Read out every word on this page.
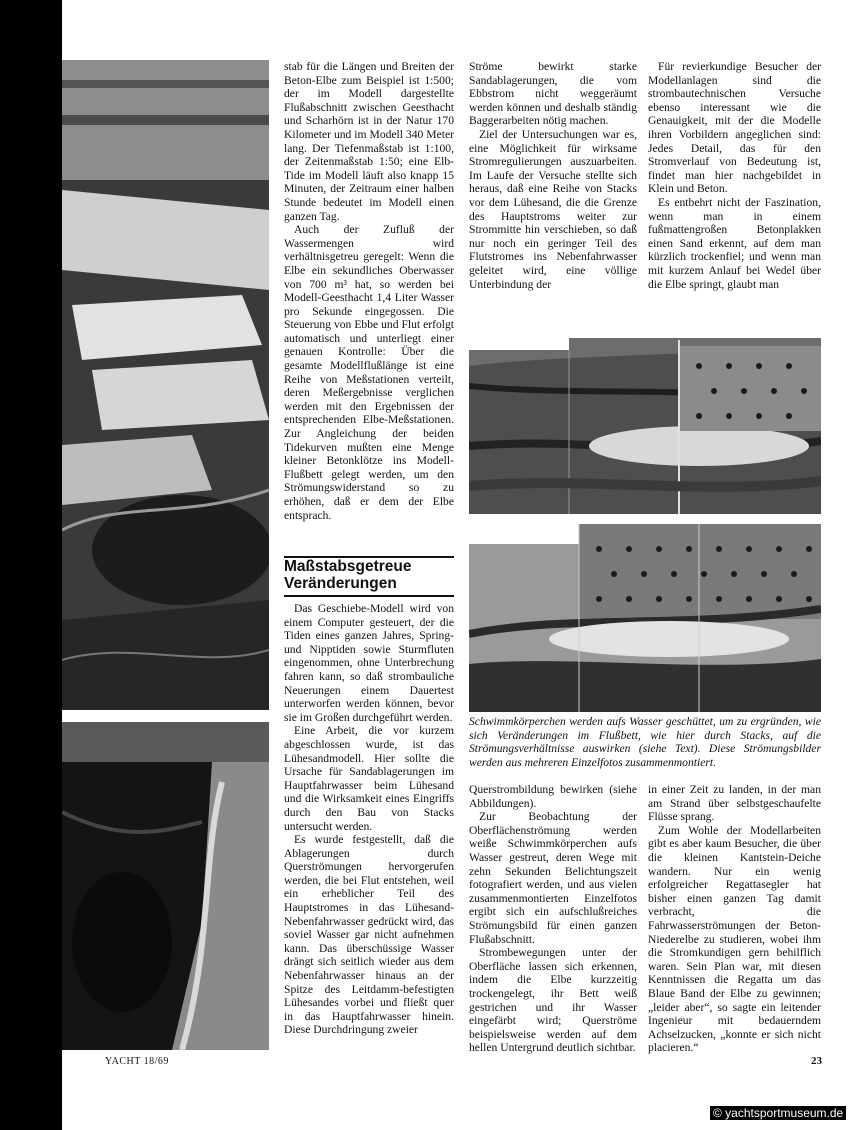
stab für die Längen und Breiten der Beton-Elbe zum Beispiel ist 1:500; der im Modell dargestellte Flußabschnitt zwischen Geesthacht und Scharhörn ist in der Natur 170 Kilometer und im Modell 340 Meter lang. Der Tiefenmaßstab ist 1:100, der Zeitenmaßstab 1:50; eine Elb-Tide im Modell läuft also knapp 15 Minuten, der Zeitraum einer halben Stunde bedeutet im Modell einen ganzen Tag.

Auch der Zufluß der Wassermengen wird verhältnisgetreu geregelt: Wenn die Elbe ein sekundliches Oberwasser von 700 m³ hat, so werden bei Modell-Geesthacht 1,4 Liter Wasser pro Sekunde eingegossen. Die Steuerung von Ebbe und Flut erfolgt automatisch und unterliegt einer genauen Kontrolle: Über die gesamte Modellflußlänge ist eine Reihe von Meßstationen verteilt, deren Meßergebnisse verglichen werden mit den Ergebnissen der entsprechenden Elbe-Meßstationen. Zur Angleichung der beiden Tidekurven mußten eine Menge kleiner Betonklötze ins Modell-Flußbett gelegt werden, um den Strömungswiderstand so zu erhöhen, daß er dem der Elbe entsprach.

Maßstabsgetreue Veränderungen

Das Geschiebe-Modell wird von einem Computer gesteuert, der die Tiden eines ganzen Jahres, Spring- und Nipptiden sowie Sturmfluten eingenommen, ohne Unterbrechung fahren kann, so daß strombauliche Neuerungen einem Dauertest unterworfen werden können, bevor sie im Großen durchgeführt werden.

Eine Arbeit, die vor kurzem abgeschlossen wurde, ist das Lühesandmodell. Hier sollte die Ursache für Sandablagerungen im Hauptfahrwasser beim Lühesand und die Wirksamkeit eines Eingriffs durch den Bau von Stacks untersucht werden.

Es wurde festgestellt, daß die Ablagerungen durch Querströmungen hervorgerufen werden, die bei Flut entstehen, weil ein erheblicher Teil des Hauptstromes in das Lühesand-Nebenfahrwasser gedrückt wird, das soviel Wasser gar nicht aufnehmen kann. Das überschüssige Wasser drängt sich seitlich wieder aus dem Nebenfahrwasser hinaus an der Spitze des Leitdamm-befestigten Lühesandes vorbei und fließt quer in das Hauptfahrwasser hinein. Diese Durchdringung zweier

Ströme bewirkt starke Sandablagerungen, die vom Ebbstrom nicht weggeräumt werden können und deshalb ständig Baggerarbeiten nötig machen.

Ziel der Untersuchungen war es, eine Möglichkeit für wirksame Stromregulierungen auszuarbeiten. Im Laufe der Versuche stellte sich heraus, daß eine Reihe von Stacks vor dem Lühesand, die die Grenze des Hauptstroms weiter zur Strommitte hin verschieben, so daß nur noch ein geringer Teil des Flutstromes ins Nebenfahrwasser geleitet wird, eine völlige Unterbindung der

Für revierkundige Besucher der Modellanlagen sind die strombautechnischen Versuche ebenso interessant wie die Genauigkeit, mit der die Modelle ihren Vorbildern angeglichen sind: Jedes Detail, das für den Stromverlauf von Bedeutung ist, findet man hier nachgebildet in Klein und Beton.

Es entbehrt nicht der Faszination, wenn man in einem fußmattengroßen Betonplakken einen Sand erkennt, auf dem man kürzlich trockenfiel; und wenn man mit kurzem Anlauf bei Wedel über die Elbe springt, glaubt man

Schwimmkörperchen werden aufs Wasser geschüttet, um zu ergründen, wie sich Veränderungen im Flußbett, wie hier durch Stacks, auf die Strömungsverhältnisse auswirken (siehe Text). Diese Strömungsbilder werden aus mehreren Einzelfotos zusammenmontiert.

Querstrombildung bewirken (siehe Abbildungen).

Zur Beobachtung der Oberflächenströmung werden weiße Schwimmkörperchen aufs Wasser gestreut, deren Wege mit zehn Sekunden Belichtungszeit fotografiert werden, und aus vielen zusammenmontierten Einzelfotos ergibt sich ein aufschlußreiches Strömungsbild für einen ganzen Flußabschnitt.

Strombewegungen unter der Oberfläche lassen sich erkennen, indem die Elbe kurzzeitig trockengelegt, ihr Bett weiß gestrichen und ihr Wasser eingefärbt wird; Querströme beispielsweise werden auf dem hellen Untergrund deutlich sichtbar.

in einer Zeit zu landen, in der man am Strand über selbstgeschaufelte Flüsse sprang.

Zum Wohle der Modellarbeiten gibt es aber kaum Besucher, die über die kleinen Kantstein-Deiche wandern. Nur ein wenig erfolgreicher Regattasegler hat bisher einen ganzen Tag damit verbracht, die Fahrwasserströmungen der Beton-Niederelbe zu studieren, wobei ihm die Stromkundigen gern behilflich waren. Sein Plan war, mit diesen Kenntnissen die Regatta um das Blaue Band der Elbe zu gewinnen; „leider aber“, so sagte ein leitender Ingenieur mit bedauerndem Achselzucken, „konnte er sich nicht placieren.“

YACHT 18/69	23
© yachtsportmuseum.de
